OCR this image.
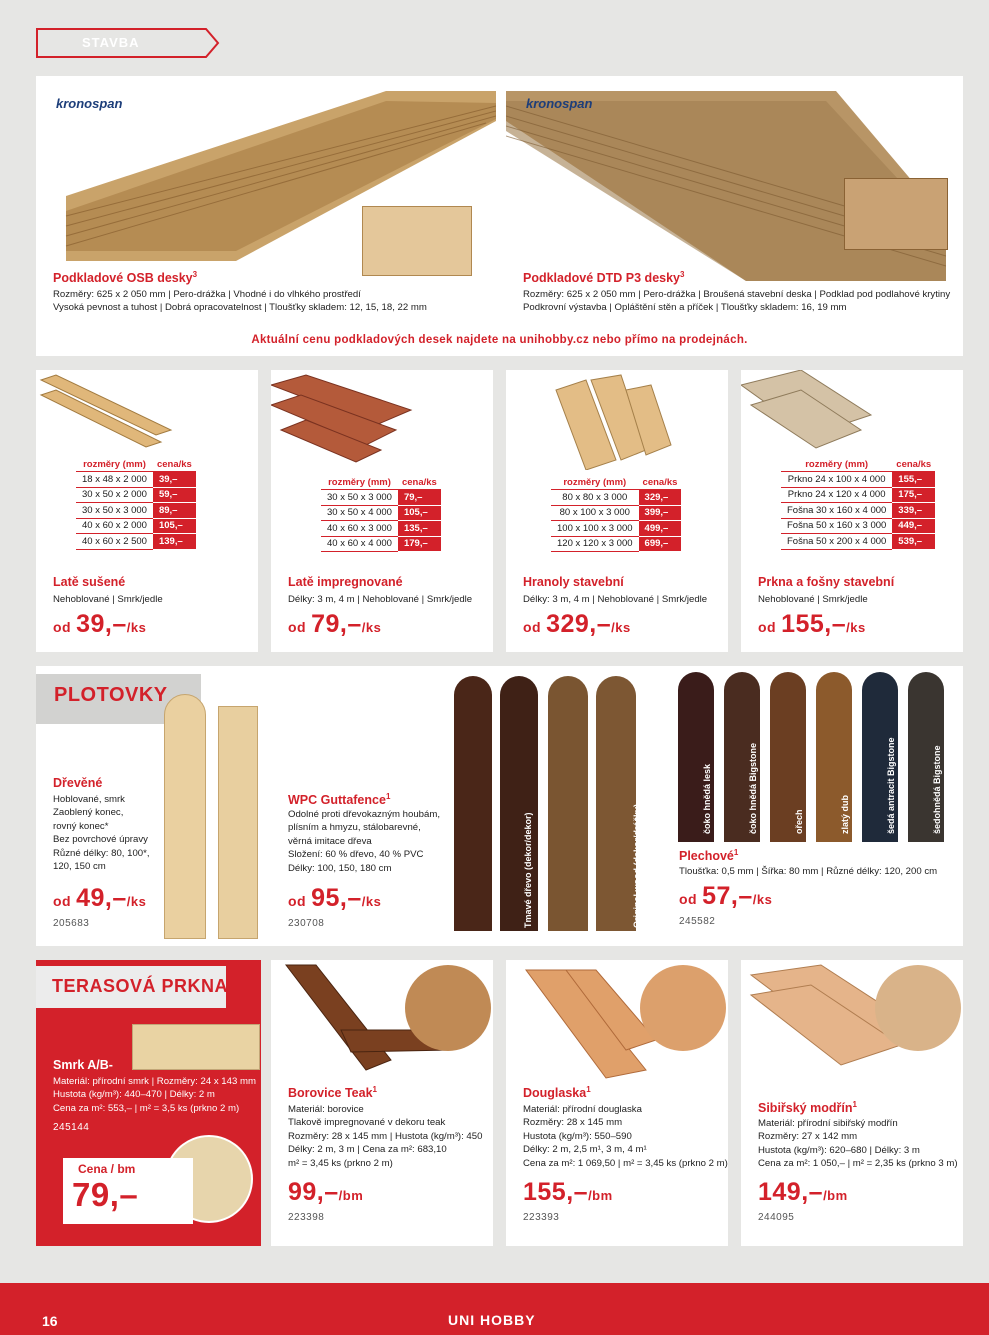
STAVBA
kronospan	kronospan
Podkladové OSB desky$^3$
Rozměry: 625 x 2 050 mm | Pero-drážka | Vhodné i do vlhkého prostředí
Vysoká pevnost a tuhost | Dobrá opracovatelnost | Tloušťky skladem: 12, 15, 18, 22 mm
Podkladové DTD P3 desky$^3$
Rozměry: 625 x 2 050 mm | Pero-drážka | Broušená stavební deska | Podklad pod podlahové krytiny
Podkrovní výstavba | Opláštění stěn a příček | Tloušťky skladem: 16, 19 mm
Aktuální cenu podkladových desek najdete na unihobby.cz nebo přímo na prodejnách.
rozměry (mm)	cena/ks
18 x 48 x 2 000	39,–
30 x 50 x 2 000	59,–
30 x 50 x 3 000	89,–
40 x 60 x 2 000	105,–
40 x 60 x 2 500	139,–
Latě sušené
Nehoblované | Smrk/jedle
od 39,–/ks
rozměry (mm)	cena/ks
30 x 50 x 3 000	79,–
30 x 50 x 4 000	105,–
40 x 60 x 3 000	135,–
40 x 60 x 4 000	179,–
Latě impregnované
Délky: 3 m, 4 m | Nehoblované | Smrk/jedle
od 79,–/ks
rozměry (mm)	cena/ks
80 x 80 x 3 000	329,–
80 x 100 x 3 000	399,–
100 x 100 x 3 000	499,–
120 x 120 x 3 000	699,–
Hranoly stavební
Délky: 3 m, 4 m | Nehoblované | Smrk/jedle
od 329,–/ks
rozměry (mm)	cena/ks
Prkno 24 x 100 x 4 000	155,–
Prkno 24 x 120 x 4 000	175,–
Fošna 30 x 160 x 4 000	339,–
Fošna 50 x 160 x 3 000	449,–
Fošna 50 x 200 x 4 000	539,–
Prkna a fošny stavební
Nehoblované | Smrk/jedle
od 155,–/ks
PLOTOVKY
Dřevěné
Hoblované, smrk
Zaoblený konec,
rovný konec*
Bez povrchové úpravy
Různé délky: 80, 100*,
120, 150 cm
od 49,–/ks
205683
WPC Guttafence$^1$
Odolné proti dřevokazným houbám,
plísním a hmyzu, stálobarevné,
věrná imitace dřeva
Složení: 60 % dřevo, 40 % PVC
Délky: 100, 150, 180 cm
od 95,–/ks
230708	Tmavé dřevo (dekor/dekor)	Original wood (dekor/drážky)
čoko hnědá lesk	čoko hnědá Bigstone	ořech	zlatý dub	šedá antracit Bigstone	šedohnědá Bigstone
Plechové$^1$
Tloušťka: 0,5 mm | Šířka: 80 mm | Různé délky: 120, 200 cm
od 57,–/ks
245582
TERASOVÁ PRKNA
Smrk A/B-
Materiál: přírodní smrk | Rozměry: 24 x 143 mm
Hustota (kg/m³): 440–470 | Délky: 2 m
Cena za m²: 553,– | m² = 3,5 ks (prkno 2 m)
245144
Cena / bm
79,–
Borovice Teak$^1$
Materiál: borovice
Tlakově impregnované v dekoru teak
Rozměry: 28 x 145 mm | Hustota (kg/m³): 450
Délky: 2 m, 3 m | Cena za m²: 683,10
m² = 3,45 ks (prkno 2 m)
99,–/bm
223398
Douglaska$^1$
Materiál: přírodní douglaska
Rozměry: 28 x 145 mm
Hustota (kg/m³): 550–590
Délky: 2 m, 2,5 m¹, 3 m, 4 m¹
Cena za m²: 1 069,50 | m² = 3,45 ks (prkno 2 m)
155,–/bm
223393
Sibiřský modřín$^1$
Materiál: přírodní sibiřský modřín
Rozměry: 27 x 142 mm
Hustota (kg/m³): 620–680 | Délky: 3 m
Cena za m²: 1 050,– | m² = 2,35 ks (prkno 3 m)
149,–/bm
244095
16	UNI HOBBY
